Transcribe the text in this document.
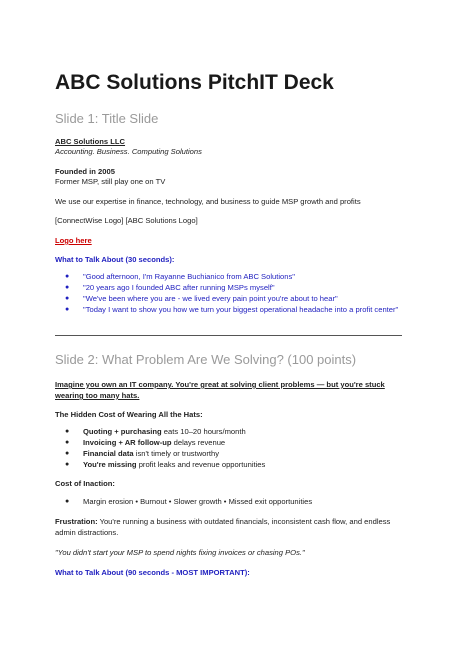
ABC Solutions PitchIT Deck
Slide 1: Title Slide

ABC Solutions LLC

Accounting. Business. Computing Solutions

Founded in 2005

Former MSP, still play one on TV

We use our expertise in finance, technology, and business to guide MSP growth and profits

[ConnectWise Logo] [ABC Solutions Logo]

Logo here

What to Talk About (30 seconds):

● "Good afternoon, I'm Rayanne Buchianico from ABC Solutions"
● "20 years ago I founded ABC after running MSPs myself"
● "We've been where you are - we lived every pain point you're about to hear"
● "Today I want to show you how we turn your biggest operational headache into a profit center"
Slide 2: What Problem Are We Solving? (100 points)

Imagine you own an IT company. You're great at solving client problems — but you're stuck

wearing too many hats.

The Hidden Cost of Wearing All the Hats:

● Quoting + purchasing eats 10–20 hours/month
● Invoicing + AR follow-up delays revenue
● Financial data isn't timely or trustworthy
● You're missing profit leaks and revenue opportunities

Cost of Inaction:

● Margin erosion • Burnout • Slower growth • Missed exit opportunities

Frustration: You're running a business with outdated financials, inconsistent cash flow, and endless

admin distractions.

"You didn't start your MSP to spend nights fixing invoices or chasing POs."

What to Talk About (90 seconds - MOST IMPORTANT):
